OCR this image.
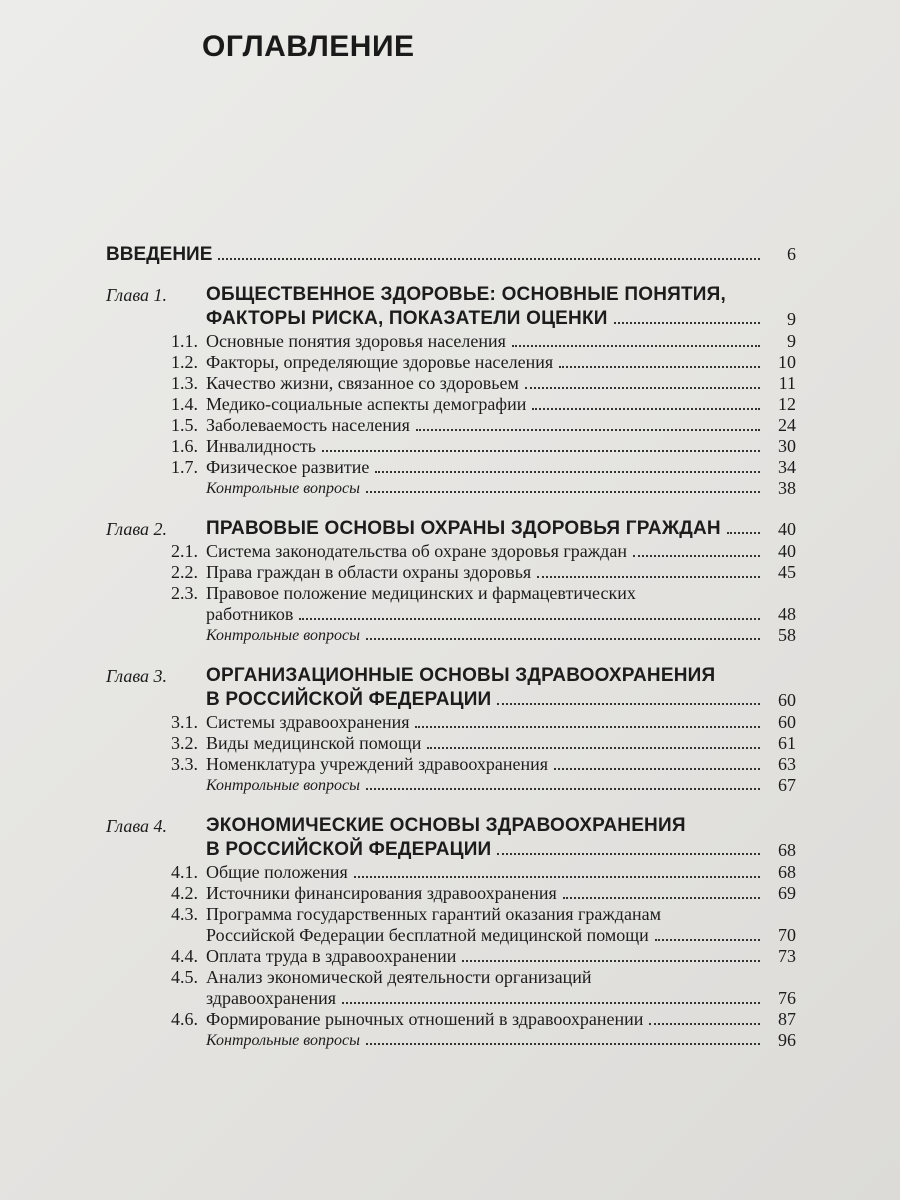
ОГЛАВЛЕНИЕ
ВВЕДЕНИЕ	6
Глава 1. ОБЩЕСТВЕННОЕ ЗДОРОВЬЕ: ОСНОВНЫЕ ПОНЯТИЯ,
ФАКТОРЫ РИСКА, ПОКАЗАТЕЛИ ОЦЕНКИ	9
1.1. Основные понятия здоровья населения	9
1.2. Факторы, определяющие здоровье населения	10
1.3. Качество жизни, связанное со здоровьем	11
1.4. Медико-социальные аспекты демографии	12
1.5. Заболеваемость населения	24
1.6. Инвалидность	30
1.7. Физическое развитие	34
Контрольные вопросы	38
Глава 2. ПРАВОВЫЕ ОСНОВЫ ОХРАНЫ ЗДОРОВЬЯ ГРАЖДАН	40
2.1. Система законодательства об охране здоровья граждан	40
2.2. Права граждан в области охраны здоровья	45
2.3. Правовое положение медицинских и фармацевтических
работников	48
Контрольные вопросы	58
Глава 3. ОРГАНИЗАЦИОННЫЕ ОСНОВЫ ЗДРАВООХРАНЕНИЯ
В РОССИЙСКОЙ ФЕДЕРАЦИИ	60
3.1. Системы здравоохранения	60
3.2. Виды медицинской помощи	61
3.3. Номенклатура учреждений здравоохранения	63
Контрольные вопросы	67
Глава 4. ЭКОНОМИЧЕСКИЕ ОСНОВЫ ЗДРАВООХРАНЕНИЯ
В РОССИЙСКОЙ ФЕДЕРАЦИИ	68
4.1. Общие положения	68
4.2. Источники финансирования здравоохранения	69
4.3. Программа государственных гарантий оказания гражданам
Российской Федерации бесплатной медицинской помощи	70
4.4. Оплата труда в здравоохранении	73
4.5. Анализ экономической деятельности организаций
здравоохранения	76
4.6. Формирование рыночных отношений в здравоохранении	87
Контрольные вопросы	96
